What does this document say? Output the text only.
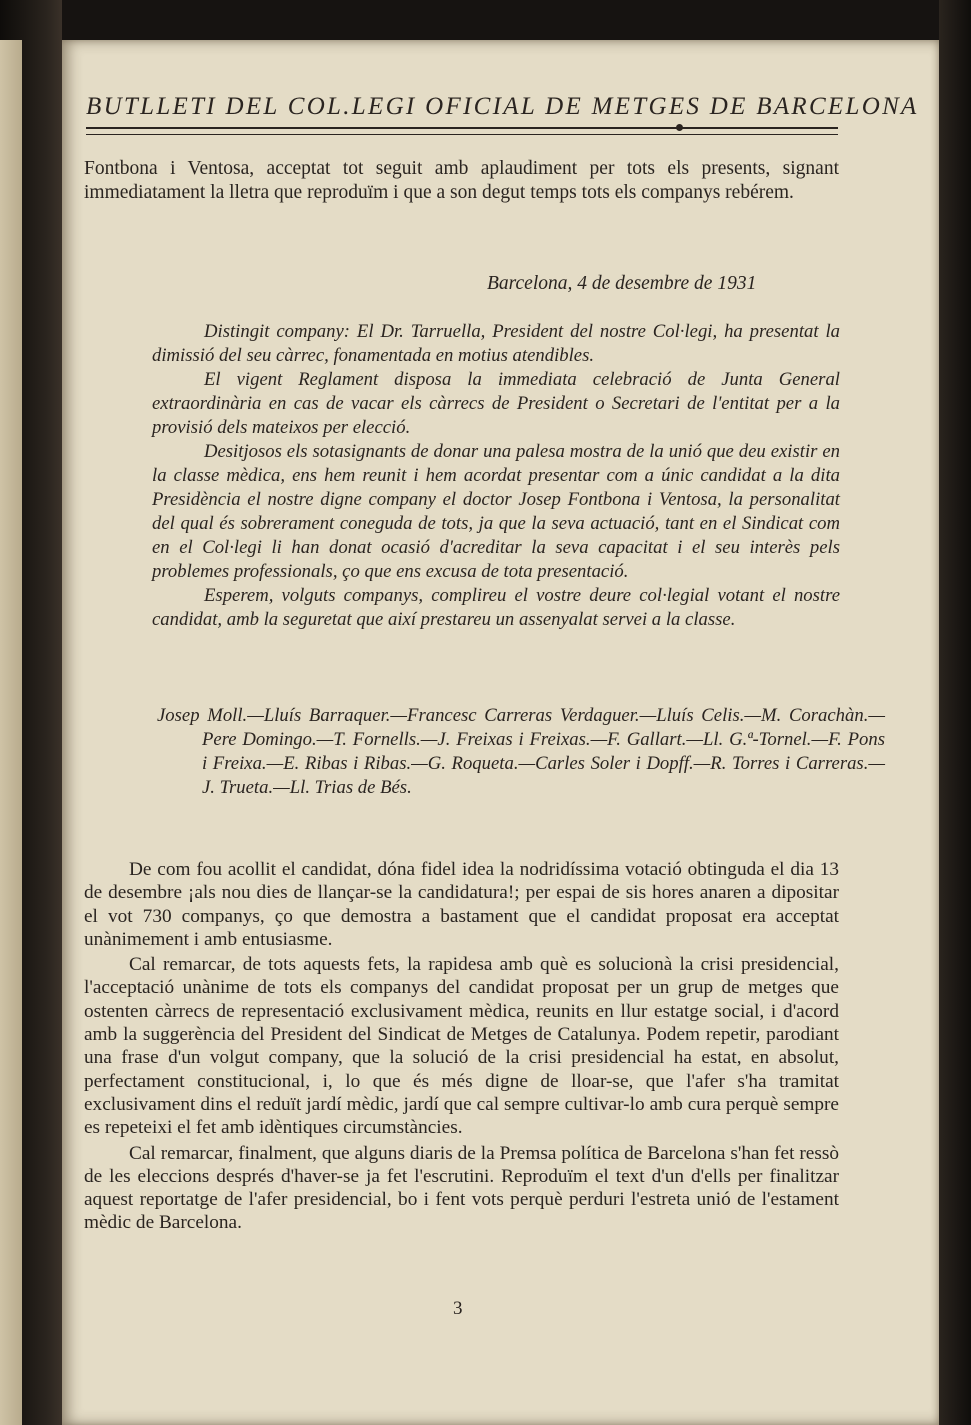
BUTLLETI DEL COL.LEGI OFICIAL DE METGES DE BARCELONA
Fontbona i Ventosa, acceptat tot seguit amb aplaudiment per tots els presents, signant immediatament la lletra que reproduïm i que a son degut temps tots els companys rebérem.
Barcelona, 4 de desembre de 1931

Distingit company: El Dr. Tarruella, President del nostre Col·legi, ha presentat la dimissió del seu càrrec, fonamentada en motius atendibles.

El vigent Reglament disposa la immediata celebració de Junta General extraordinària en cas de vacar els càrrecs de President o Secretari de l'entitat per a la provisió dels mateixos per elecció.

Desitjosos els sotasignants de donar una palesa mostra de la unió que deu existir en la classe mèdica, ens hem reunit i hem acordat presentar com a únic candidat a la dita Presidència el nostre digne company el doctor Josep Fontbona i Ventosa, la personalitat del qual és sobrerament coneguda de tots, ja que la seva actuació, tant en el Sindicat com en el Col·legi li han donat ocasió d'acreditar la seva capacitat i el seu interès pels problemes professionals, ço que ens excusa de tota presentació.

Esperem, volguts companys, complireu el vostre deure col·legial votant el nostre candidat, amb la seguretat que així prestareu un assenyalat servei a la classe.

Josep Moll.—Lluís Barraquer.—Francesc Carreras Verdaguer.—Lluís Celis.—M. Corachàn.—Pere Domingo.—T. Fornells.—J. Freixas i Freixas.—F. Gallart.—Ll. G.ª-Tornel.—F. Pons i Freixa.—E. Ribas i Ribas.—G. Roqueta.—Carles Soler i Dopff.—R. Torres i Carreras.—J. Trueta.—Ll. Trias de Bés.

De com fou acollit el candidat, dóna fidel idea la nodridíssima votació obtinguda el dia 13 de desembre ¡als nou dies de llançar-se la candidatura!; per espai de sis hores anaren a dipositar el vot 730 companys, ço que demostra a bastament que el candidat proposat era acceptat unànimement i amb entusiasme.

Cal remarcar, de tots aquests fets, la rapidesa amb què es solucionà la crisi presidencial, l'acceptació unànime de tots els companys del candidat proposat per un grup de metges que ostenten càrrecs de representació exclusivament mèdica, reunits en llur estatge social, i d'acord amb la suggerència del President del Sindicat de Metges de Catalunya. Podem repetir, parodiant una frase d'un volgut company, que la solució de la crisi presidencial ha estat, en absolut, perfectament constitucional, i, lo que és més digne de lloar-se, que l'afer s'ha tramitat exclusivament dins el reduït jardí mèdic, jardí que cal sempre cultivar-lo amb cura perquè sempre es repeteixi el fet amb idèntiques circumstàncies.

Cal remarcar, finalment, que alguns diaris de la Premsa política de Barcelona s'han fet ressò de les eleccions després d'haver-se ja fet l'escrutini. Reproduïm el text d'un d'ells per finalitzar aquest reportatge de l'afer presidencial, bo i fent vots perquè perduri l'estreta unió de l'estament mèdic de Barcelona.

3
